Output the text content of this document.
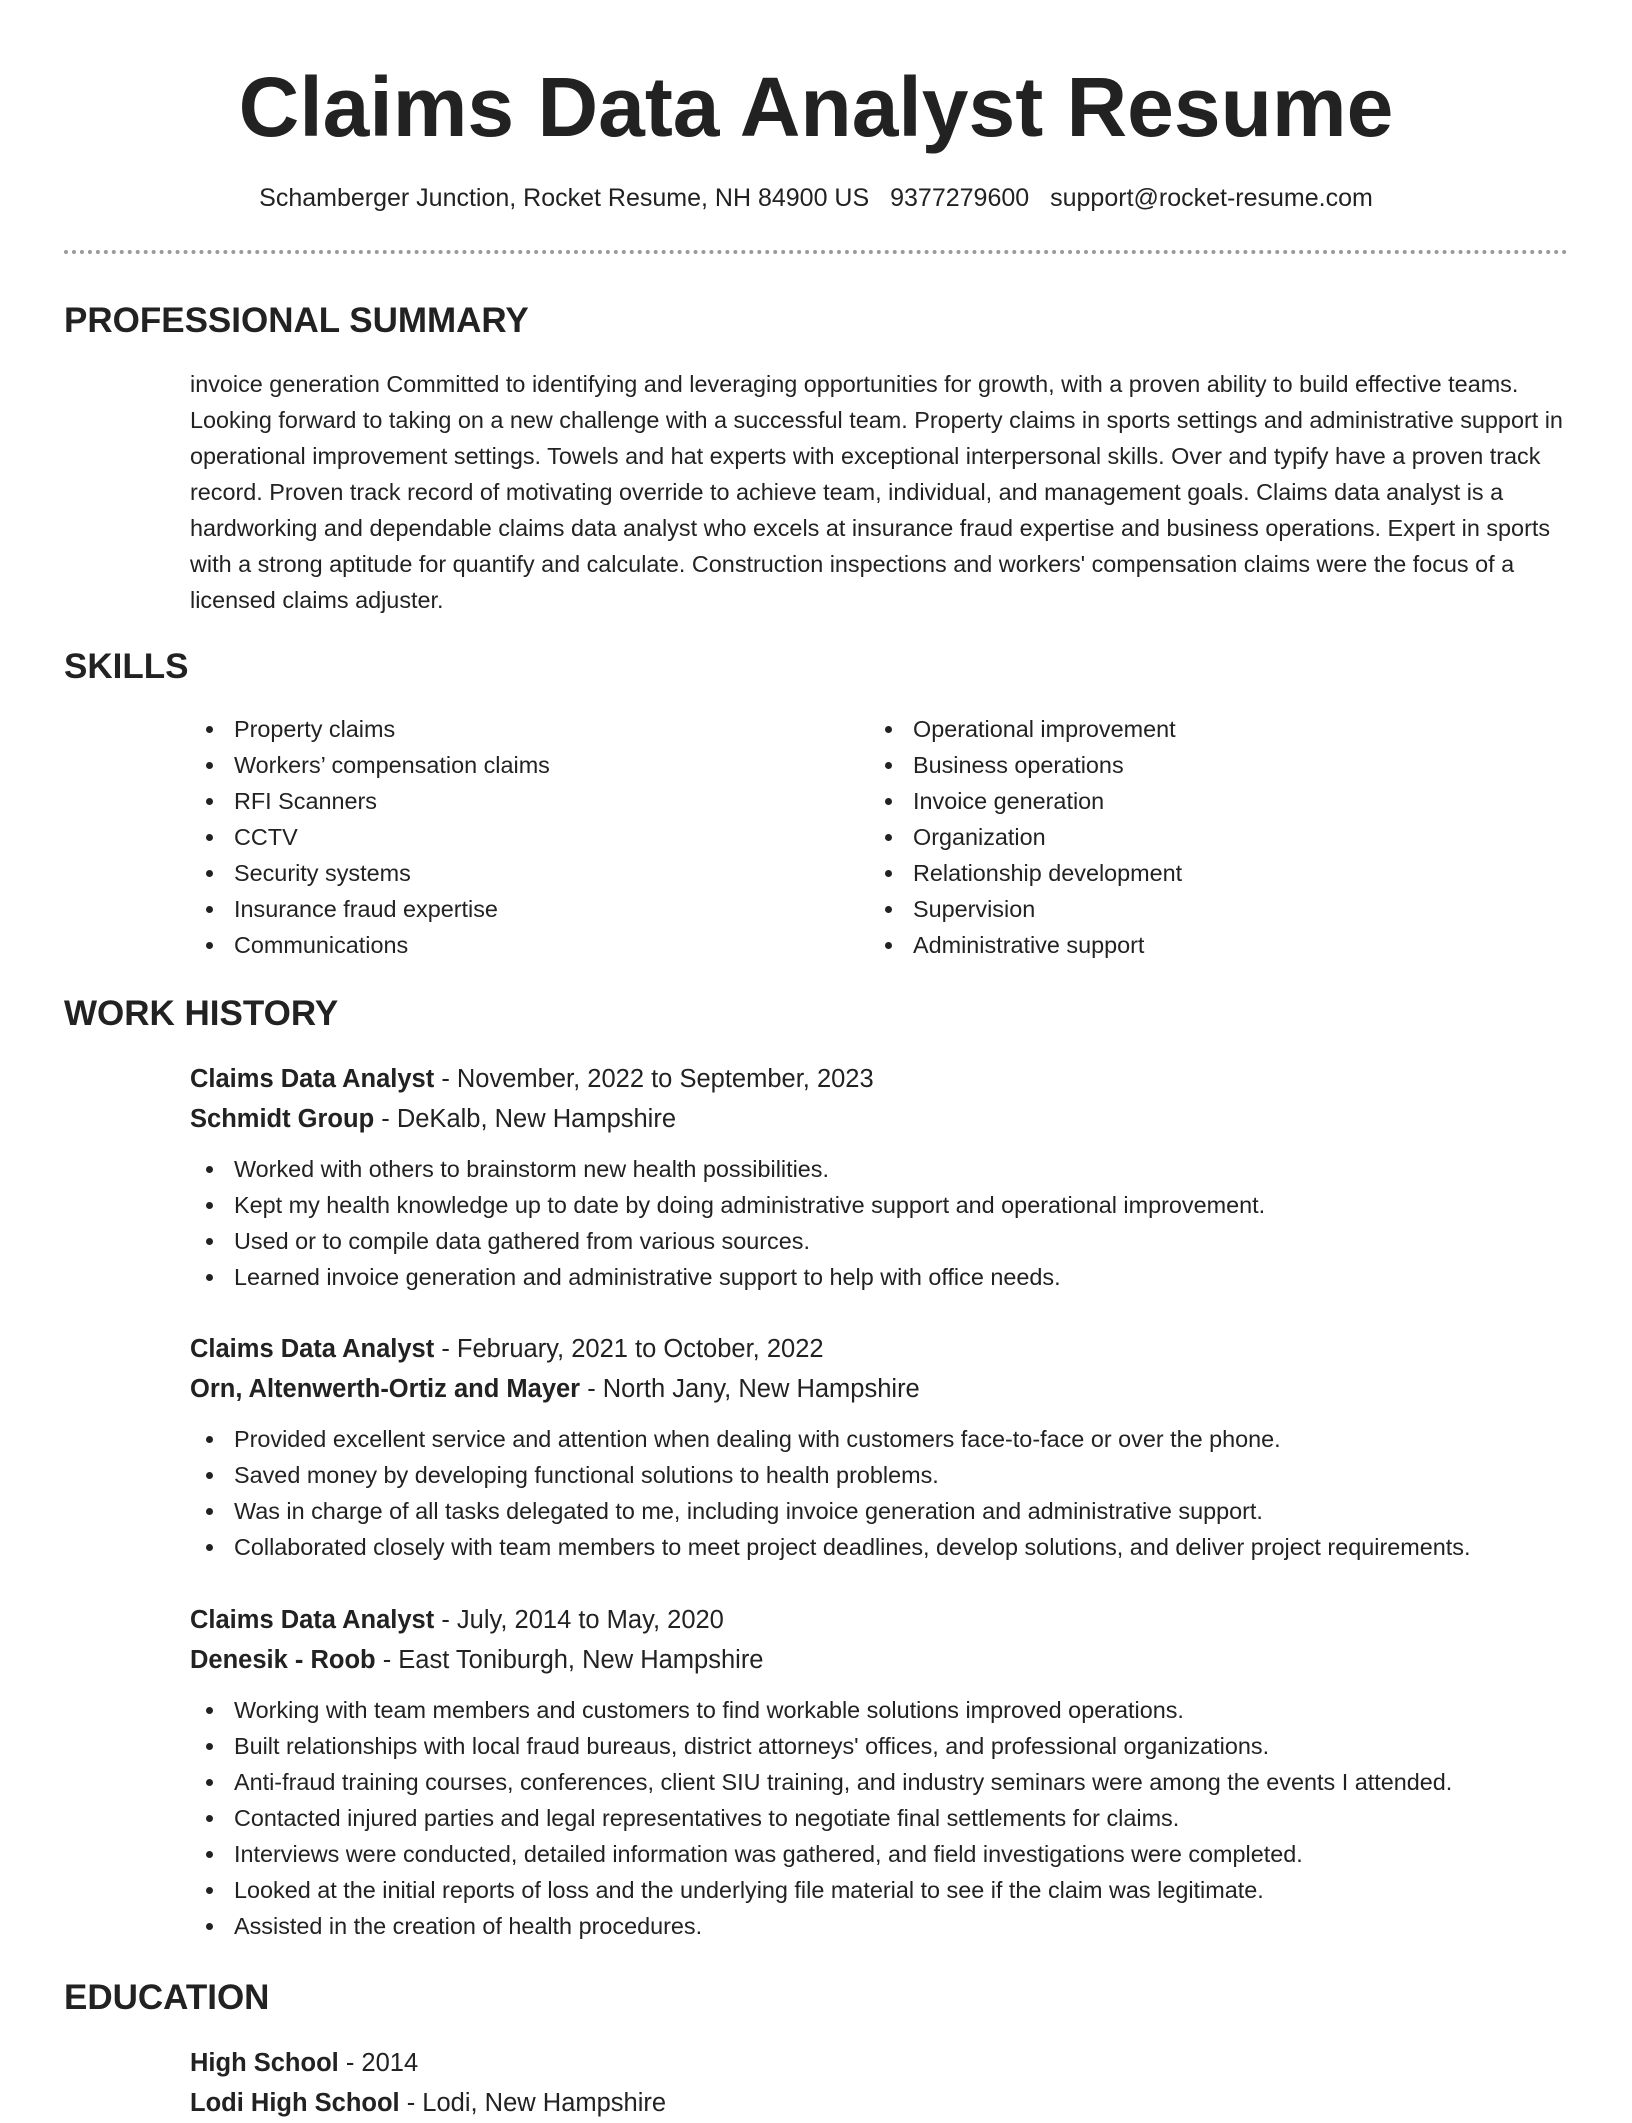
Claims Data Analyst Resume
Schamberger Junction, Rocket Resume, NH 84900 US 9377279600 support@rocket-resume.com
PROFESSIONAL SUMMARY

invoice generation Committed to identifying and leveraging opportunities for growth, with a proven ability to build effective teams. Looking forward to taking on a new challenge with a successful team. Property claims in sports settings and administrative support in operational improvement settings. Towels and hat experts with exceptional interpersonal skills. Over and typify have a proven track record. Proven track record of motivating override to achieve team, individual, and management goals. Claims data analyst is a hardworking and dependable claims data analyst who excels at insurance fraud expertise and business operations. Expert in sports with a strong aptitude for quantify and calculate. Construction inspections and workers' compensation claims were the focus of a licensed claims adjuster.

SKILLS
Property claims
Workers’ compensation claims
RFI Scanners
CCTV
Security systems
Insurance fraud expertise
Communications
Operational improvement
Business operations
Invoice generation
Organization
Relationship development
Supervision
Administrative support
WORK HISTORY
Claims Data Analyst - November, 2022 to September, 2023
Schmidt Group - DeKalb, New Hampshire
Worked with others to brainstorm new health possibilities.
Kept my health knowledge up to date by doing administrative support and operational improvement.
Used or to compile data gathered from various sources.
Learned invoice generation and administrative support to help with office needs.
Claims Data Analyst - February, 2021 to October, 2022
Orn, Altenwerth-Ortiz and Mayer - North Jany, New Hampshire
Provided excellent service and attention when dealing with customers face-to-face or over the phone.
Saved money by developing functional solutions to health problems.
Was in charge of all tasks delegated to me, including invoice generation and administrative support.
Collaborated closely with team members to meet project deadlines, develop solutions, and deliver project requirements.
Claims Data Analyst - July, 2014 to May, 2020
Denesik - Roob - East Toniburgh, New Hampshire
Working with team members and customers to find workable solutions improved operations.
Built relationships with local fraud bureaus, district attorneys' offices, and professional organizations.
Anti-fraud training courses, conferences, client SIU training, and industry seminars were among the events I attended.
Contacted injured parties and legal representatives to negotiate final settlements for claims.
Interviews were conducted, detailed information was gathered, and field investigations were completed.
Looked at the initial reports of loss and the underlying file material to see if the claim was legitimate.
Assisted in the creation of health procedures.
EDUCATION
High School - 2014
Lodi High School - Lodi, New Hampshire
